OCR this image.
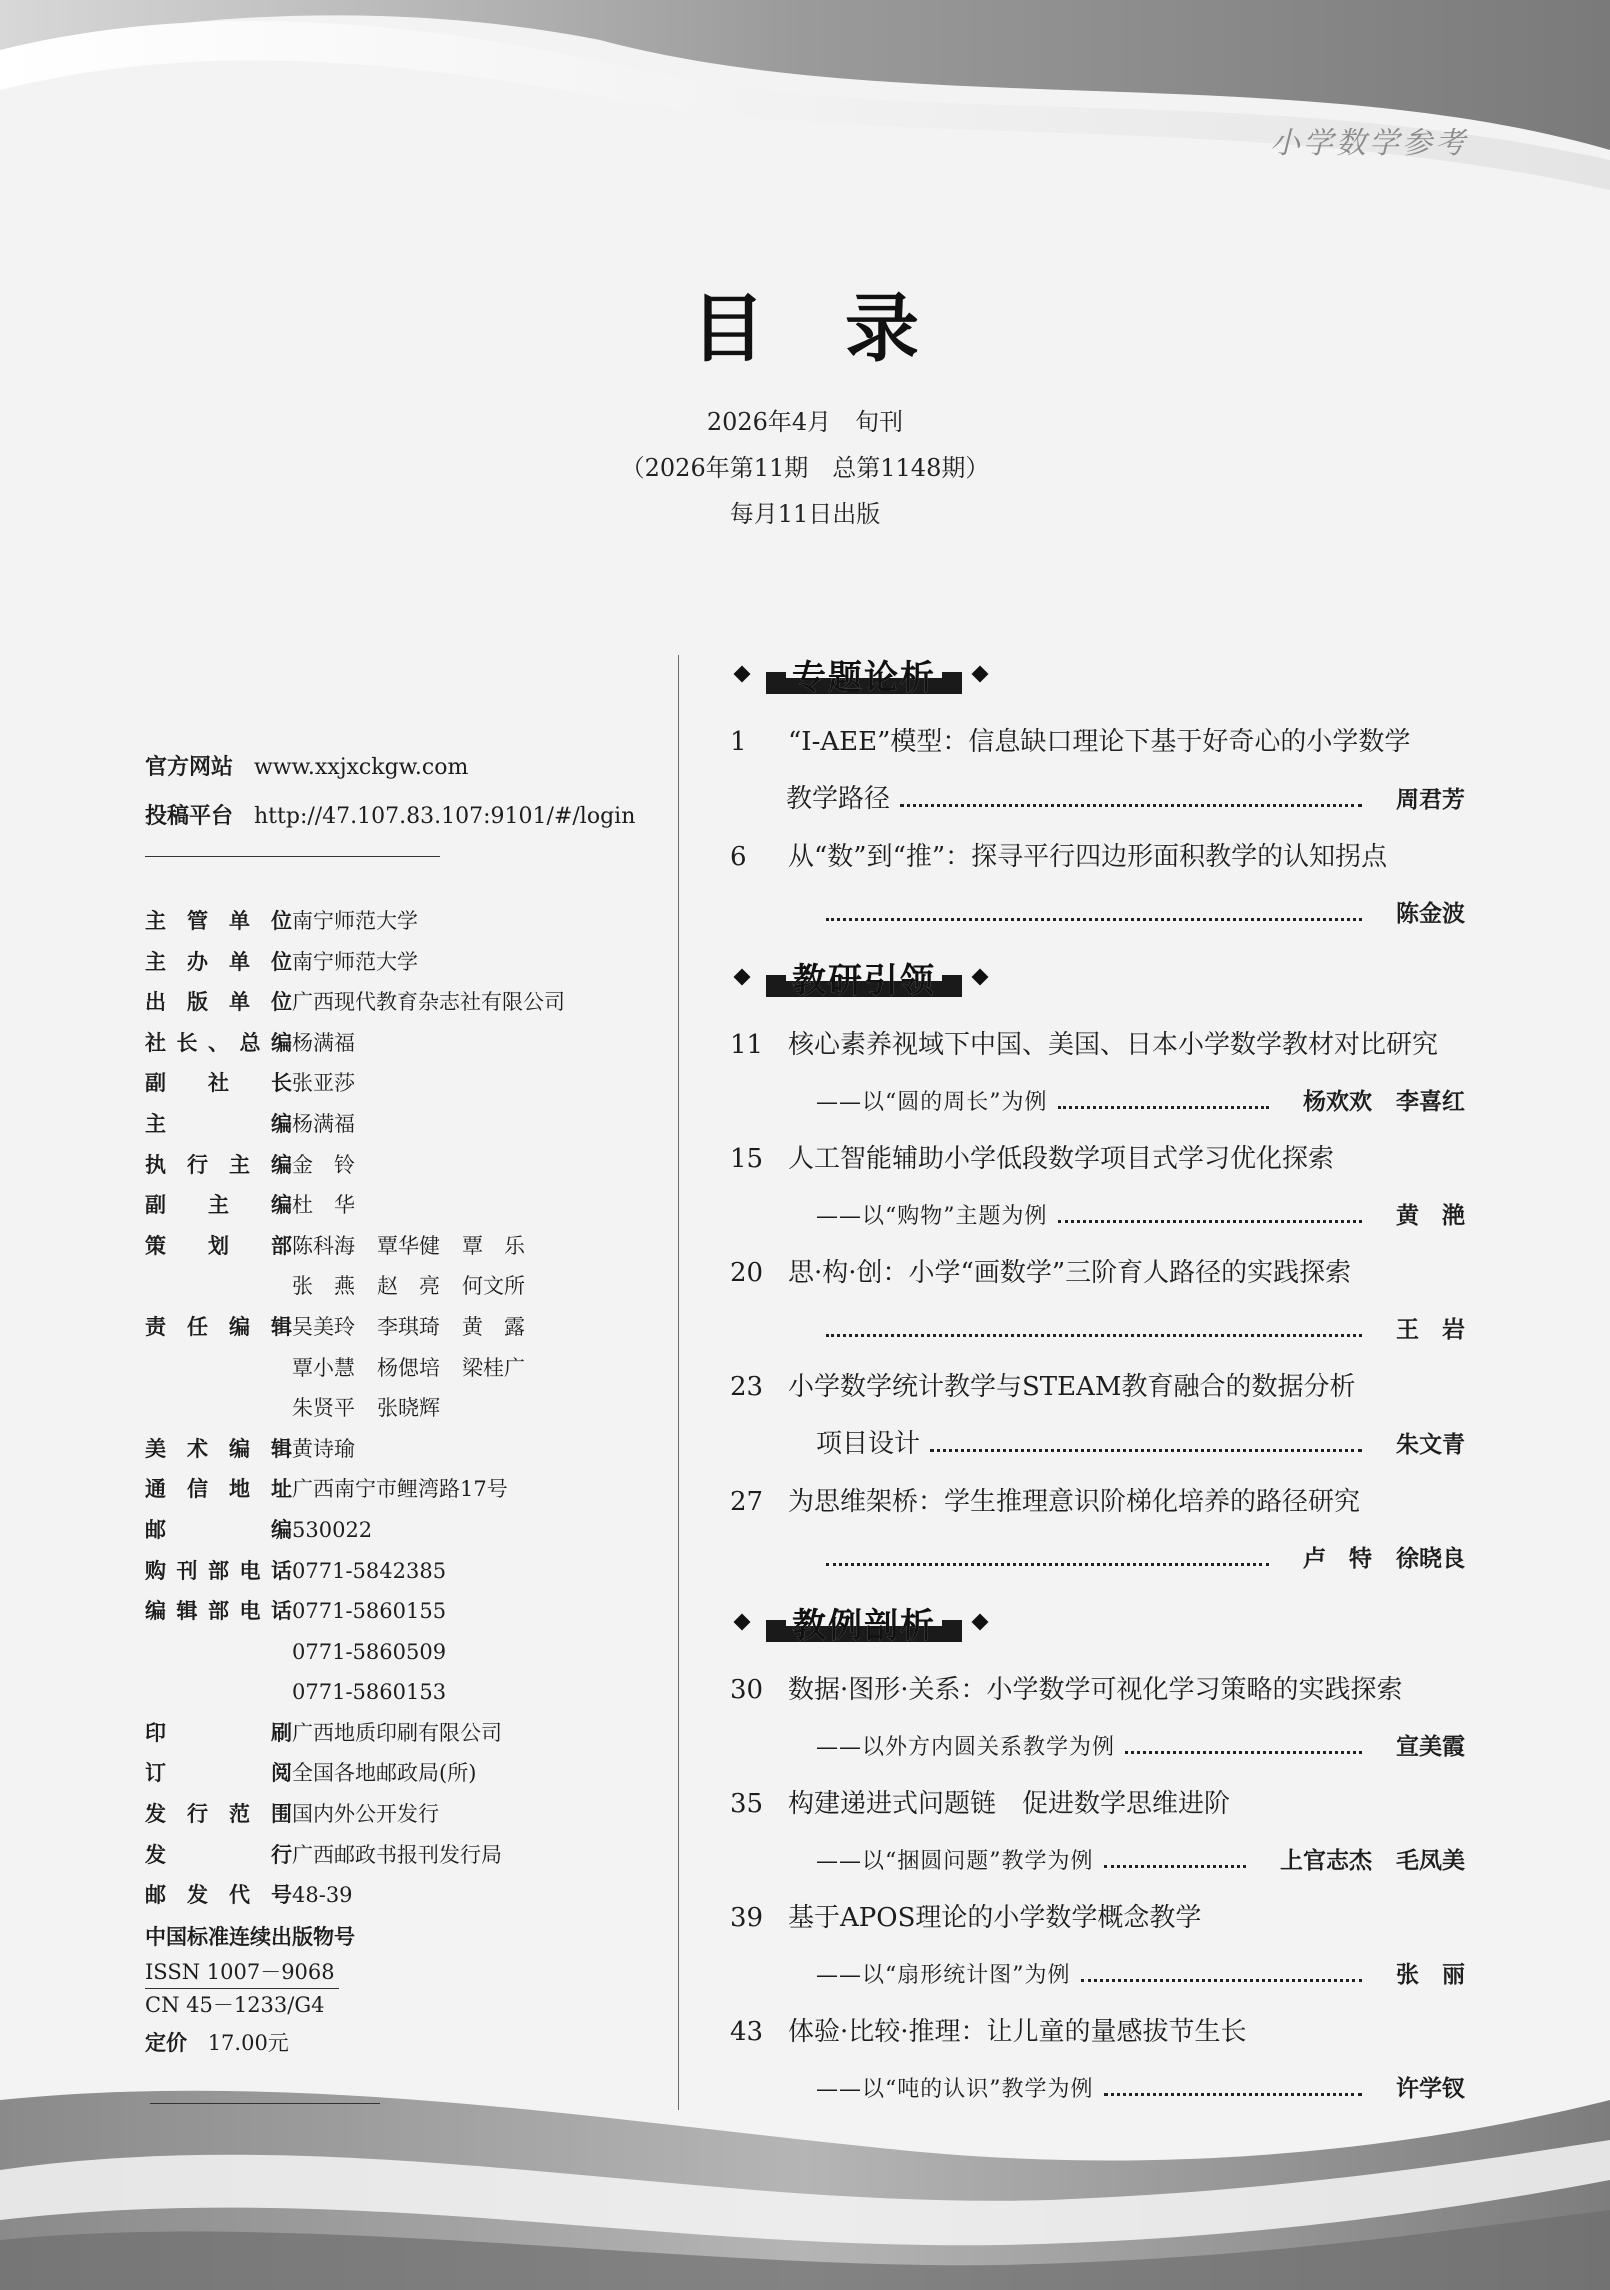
小学数学参考
目录
2026年4月　旬刊
（2026年第11期　总第1148期）
每月11日出版
官方网站 www.xxjxckgw.com
投稿平台 http://47.107.83.107:9101/#/login
主管单位 南宁师范大学
主办单位 南宁师范大学
出版单位 广西现代教育杂志社有限公司
社长、总编 杨满福
副社长 张亚莎
主编 杨满福
执行主编 金　铃
副主编 杜　华
策划部 陈科海 覃华健 覃　乐
张　燕 赵　亮 何文所
责任编辑 吴美玲 李琪琦 黄　露
覃小慧 杨偲培 梁桂广
朱贤平 张晓辉
美术编辑 黄诗瑜
通信地址 广西南宁市鲤湾路17号
邮编 530022
购刊部电话 0771-5842385
编辑部电话 0771-5860155
0771-5860509
0771-5860153
印刷 广西地质印刷有限公司
订阅 全国各地邮政局(所)
发行范围 国内外公开发行
发行 广西邮政书报刊发行局
邮发代号 48-39
中国标准连续出版物号
ISSN 1007－9068
CN 45－1233/G4
定价 17.00元
专题论析
1	“I-AEE”模型：信息缺口理论下基于好奇心的小学数学
教学路径	周君芳
6	从“数”到“推”：探寻平行四边形面积教学的认知拐点
陈金波
教研引领
11 核心素养视域下中国、美国、日本小学数学教材对比研究
——以“圆的周长”为例	杨欢欢 李喜红
15 人工智能辅助小学低段数学项目式学习优化探索
——以“购物”主题为例	黄　滟
20 思·构·创：小学“画数学”三阶育人路径的实践探索
王　岩
23 小学数学统计教学与STEAM教育融合的数据分析
项目设计	朱文青
27 为思维架桥：学生推理意识阶梯化培养的路径研究
卢　特 徐晓良
教例剖析
30 数据·图形·关系：小学数学可视化学习策略的实践探索
——以外方内圆关系教学为例	宣美霞
35 构建递进式问题链　促进数学思维进阶
——以“捆圆问题”教学为例	上官志杰 毛凤美
39 基于APOS理论的小学数学概念教学
——以“扇形统计图”为例	张　丽
43 体验·比较·推理：让儿童的量感拔节生长
——以“吨的认识”教学为例	许学钗
